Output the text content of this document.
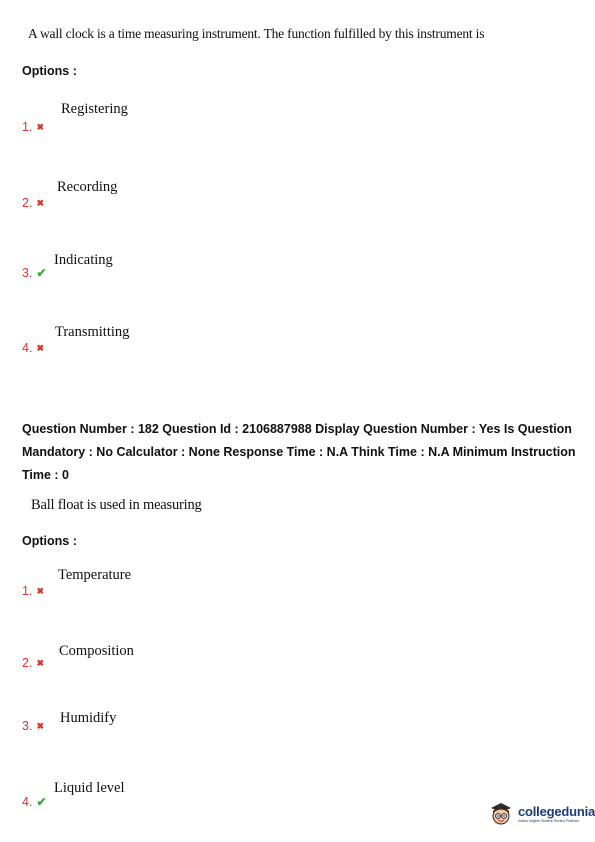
A wall clock is a time measuring instrument. The function fulfilled by this instrument is
Options :
Registering
1. ✖
Recording
2. ✖
Indicating
3. ✔
Transmitting
4. ✖
Question Number : 182 Question Id : 2106887988 Display Question Number : Yes Is Question Mandatory : No Calculator : None Response Time : N.A Think Time : N.A Minimum Instruction Time : 0
Ball float is used in measuring
Options :
Temperature
1. ✖
Composition
2. ✖
Humidify
3. ✖
Liquid level
4. ✔
collegedunia
India's largest Student Review Platform
